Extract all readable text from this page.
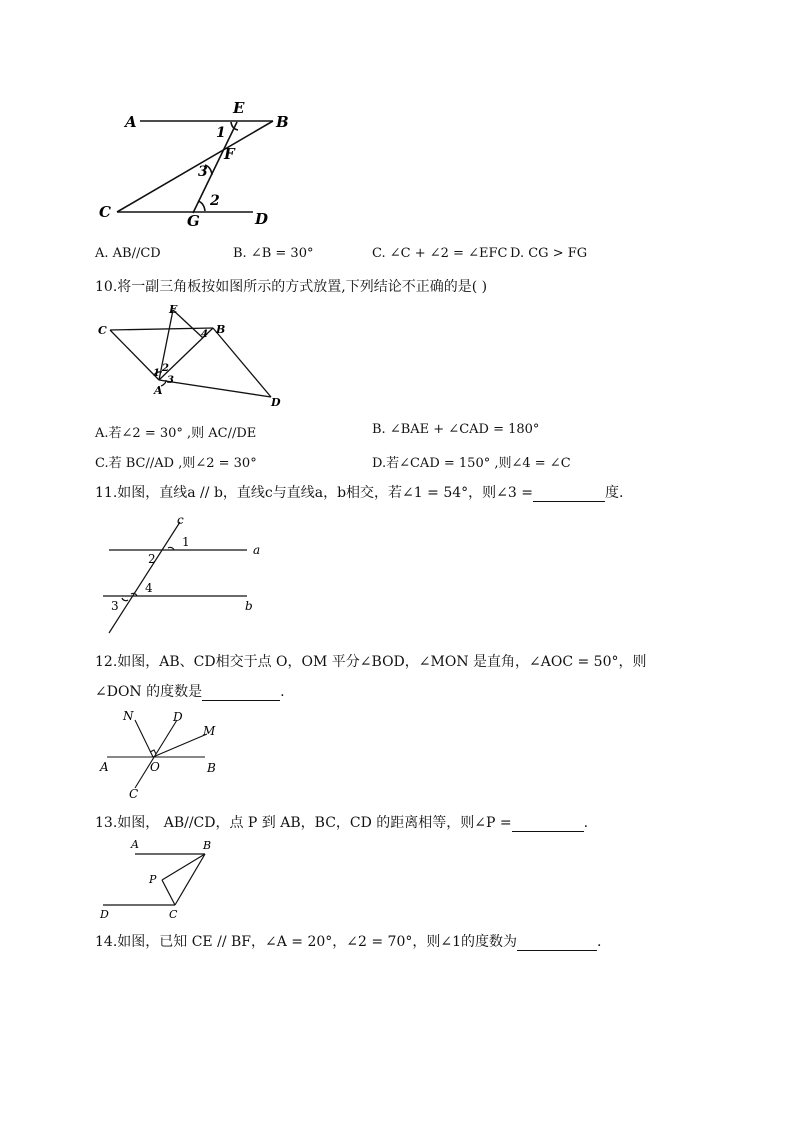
A	B
C	D
E
F
G
1
3
2
A. AB//CD	B. ∠B = 30°	C. ∠C + ∠2 = ∠EFC D. CG > FG
10.将一副三角板按如图所示的方式放置,下列结论不正确的是( )
C
E
B
A
D
1 2
3
4
A.若∠2 = 30° ,则 AC//DE	B. ∠BAE + ∠CAD = 180°
C.若 BC//AD ,则∠2 = 30°	D.若∠CAD = 150° ,则∠4 = ∠C
11.如图，直线a // b，直线c与直线a，b相交，若∠1 = 54°，则∠3 =	度.
c
a
b
1
2
4
3
12.如图，AB、CD相交于点 O，OM 平分∠BOD，∠MON 是直角，∠AOC = 50°，则
∠DON 的度数是	.
N	D
M
A	O	B
C
13.如图， AB//CD，点 P 到 AB，BC，CD 的距离相等，则∠P =	.
A	B
P
D	C
14.如图，已知 CE // BF，∠A = 20°，∠2 = 70°，则∠1的度数为	.
